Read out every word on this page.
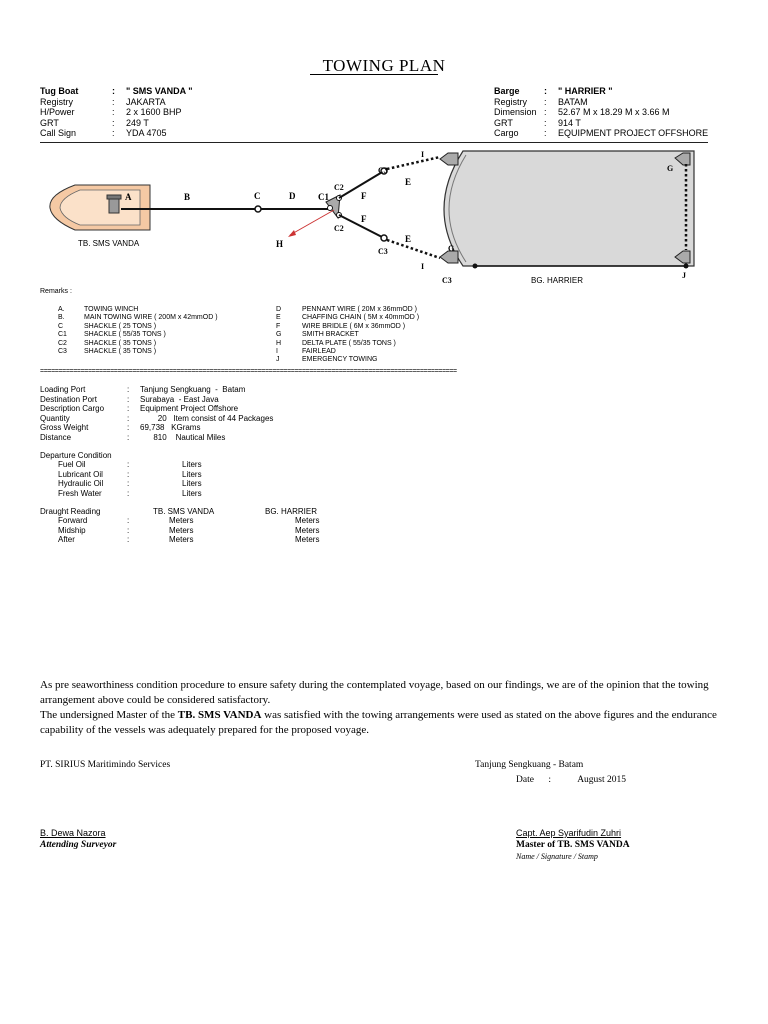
TOWING PLAN
Tug Boat	:	" SMS VANDA "
Registry	:	JAKARTA
H/Power	:	2 x 1600 BHP
GRT	:	249 T
Call Sign	:	YDA 4705
Barge	:	" HARRIER "
Registry	:	BATAM
Dimension :	52.67 M x 18.29 M x 3.66 M
GRT	:	914 T
Cargo	:	EQUIPMENT PROJECT OFFSHORE
A	B	C	D	C1
C2
C2
C3
C3
C3
F
F
E
E
I
I
G
G
H
J
TB. SMS VANDA
BG. HARRIER
Remarks :
A.	TOWING WINCH
B.	MAIN TOWING WIRE ( 200M x 42mmOD )
C	SHACKLE ( 25 TONS )
C1	SHACKLE ( 55/35 TONS )
C2	SHACKLE ( 35 TONS )
C3	SHACKLE ( 35 TONS )
D	PENNANT WIRE ( 20M x 36mmOD )
E	CHAFFING CHAIN ( 5M x 40mmOD )
F	WIRE BRIDLE ( 6M x 36mmOD )
G	SMITH BRACKET
H	DELTA PLATE ( 55/35 TONS )
I	FAIRLEAD
J	EMERGENCY TOWING
=================================================================================================================
Loading Port	:	Tanjung Sengkuang  -  Batam
Destination Port	:	Surabaya  - East Java
Description Cargo	:	Equipment Project Offshore
Quantity	:	20   Item consist of 44 Packages
Gross Weight	:	69,738   KGrams
Distance	:	810    Nautical Miles
Departure Condition
Fuel Oil	:	Liters
Lubricant Oil	:	Liters
Hydraulic Oil	:	Liters
Fresh Water	:	Liters
Draught Reading	TB. SMS VANDA	BG. HARRIER
Forward	:	Meters	Meters
Midship	:	Meters	Meters
After	:	Meters	Meters
As pre seaworthiness condition procedure to ensure safety during the contemplated voyage, based on our findings, we are of the opinion that the towing arrangement above could be considered satisfactory.
The undersigned Master of the TB. SMS VANDA was satisfied with the towing arrangements were used as stated on the above figures and the endurance capability of the vessels was adequately prepared for the proposed voyage.
PT. SIRIUS Maritimindo Services	Tanjung Sengkuang - Batam
Date :	August 2015
B. Dewa Nazora
Attending Surveyor
Capt. Aep Syarifudin Zuhri
Master of TB. SMS VANDA
Name / Signature / Stamp
